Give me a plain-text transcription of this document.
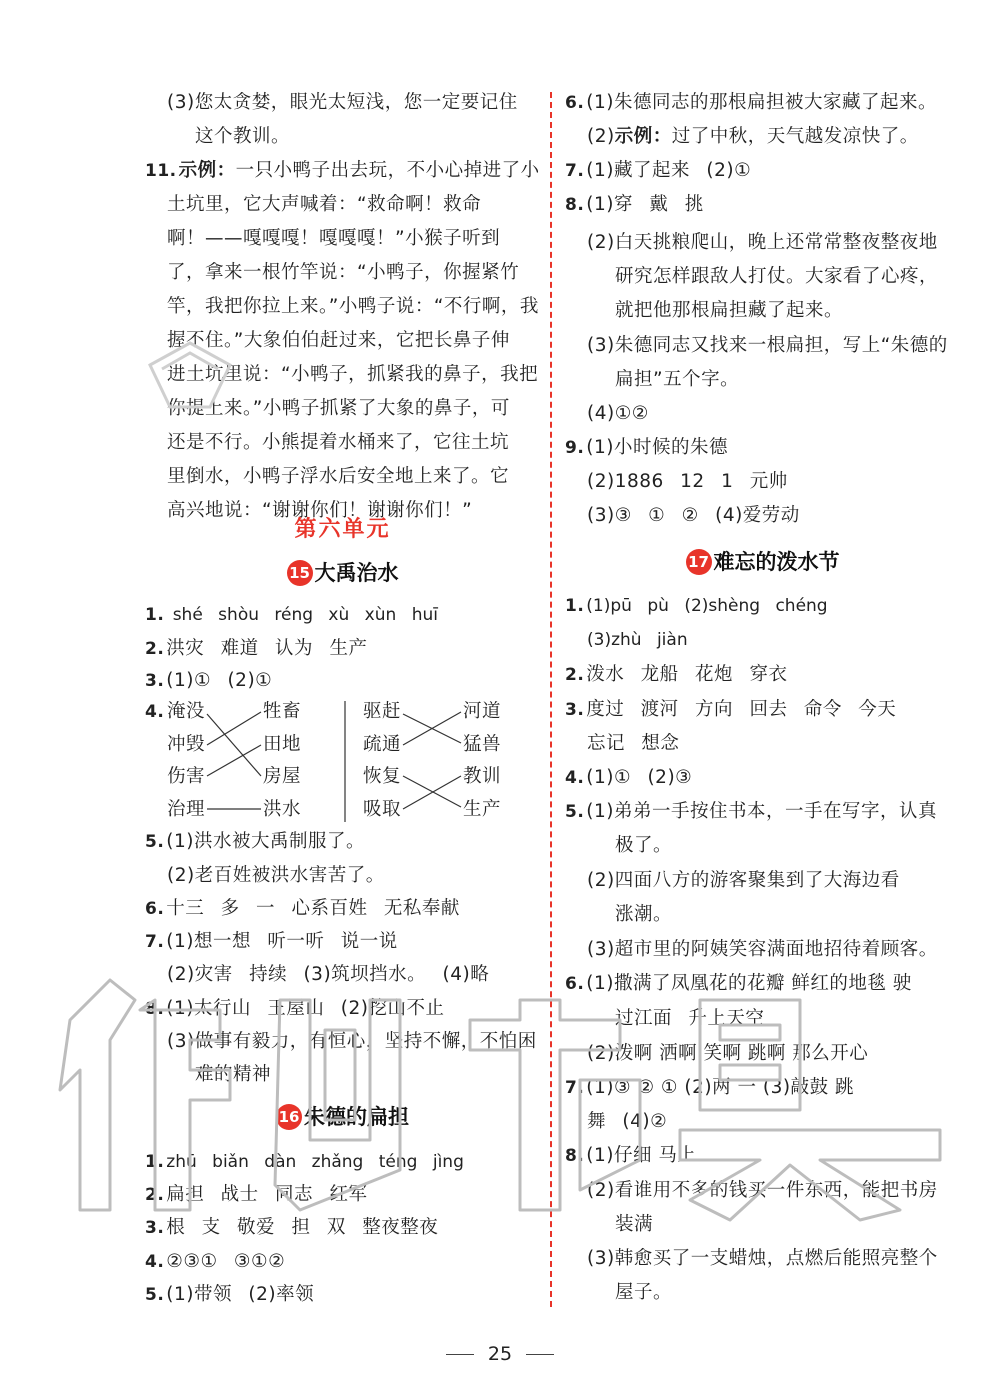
(3)您太贪婪，眼光太短浅，您一定要记住
这个教训。
11. 示例：一只小鸭子出去玩，不小心掉进了小
土坑里，它大声喊着：“救命啊！救命
啊！——嘎嘎嘎！嘎嘎嘎！”小猴子听到
了，拿来一根竹竿说：“小鸭子，你握紧竹
竿，我把你拉上来。”小鸭子说：“不行啊，我
握不住。”大象伯伯赶过来，它把长鼻子伸
进土坑里说：“小鸭子，抓紧我的鼻子，我把
你提上来。”小鸭子抓紧了大象的鼻子，可
还是不行。小熊提着水桶来了，它往土坑
里倒水，小鸭子浮水后安全地上来了。它
高兴地说：“谢谢你们！谢谢你们！”
第六单元
15 大禹治水
1. shé shòu réng xù xùn huī
2. 洪灾 难道 认为 生产
3. (1)① (2)①
4. 淹没
冲毁
伤害
治理
牲畜
田地
房屋
洪水
驱赶
疏通
恢复
吸取
河道
猛兽
教训
生产
5. (1)洪水被大禹制服了。
(2)老百姓被洪水害苦了。
6. 十三 多 一 心系百姓 无私奉献
7. (1)想一想 听一听 说一说
(2)灾害 持续 (3)筑坝挡水。 (4)略
8. (1)太行山 王屋山 (2)挖山不止
(3)做事有毅力，有恒心，坚持不懈，不怕困
难的精神
16 朱德的扁担
1. zhū biǎn dàn zhǎng téng jìng
2. 扁担 战士 同志 红军
3. 根 支 敬爱 担 双 整夜整夜
4. ②③① ③①②
5. (1)带领 (2)率领
6. (1)朱德同志的那根扁担被大家藏了起来。
(2)示例：过了中秋，天气越发凉快了。
7. (1)藏了起来 (2)①
8. (1)穿 戴 挑
(2)白天挑粮爬山，晚上还常常整夜整夜地
研究怎样跟敌人打仗。大家看了心疼，
就把他那根扁担藏了起来。
(3)朱德同志又找来一根扁担，写上“朱德的
扁担”五个字。
(4)①②
9. (1)小时候的朱德
(2)1886 12 1 元帅
(3)③ ① ② (4)爱劳动
17 难忘的泼水节
1. (1)pū pù (2)shèng chéng
(3)zhù jiàn
2. 泼水 龙船 花炮 穿衣
3. 度过 渡河 方向 回去 命令 今天
忘记 想念
4. (1)① (2)③
5. (1)弟弟一手按住书本，一手在写字，认真
极了。
(2)四面八方的游客聚集到了大海边看
涨潮。
(3)超市里的阿姨笑容满面地招待着顾客。
6. (1)撒满了凤凰花的花瓣 鲜红的地毯 驶
过江面 升上天空
(2)泼啊 洒啊 笑啊 跳啊 那么开心
7. (1)③ ② ① (2)两 一 (3)敲鼓 跳
舞 (4)②
8. (1)仔细 马上
(2)看谁用不多的钱买一件东西，能把书房
装满
(3)韩愈买了一支蜡烛，点燃后能照亮整个
屋子。
25
